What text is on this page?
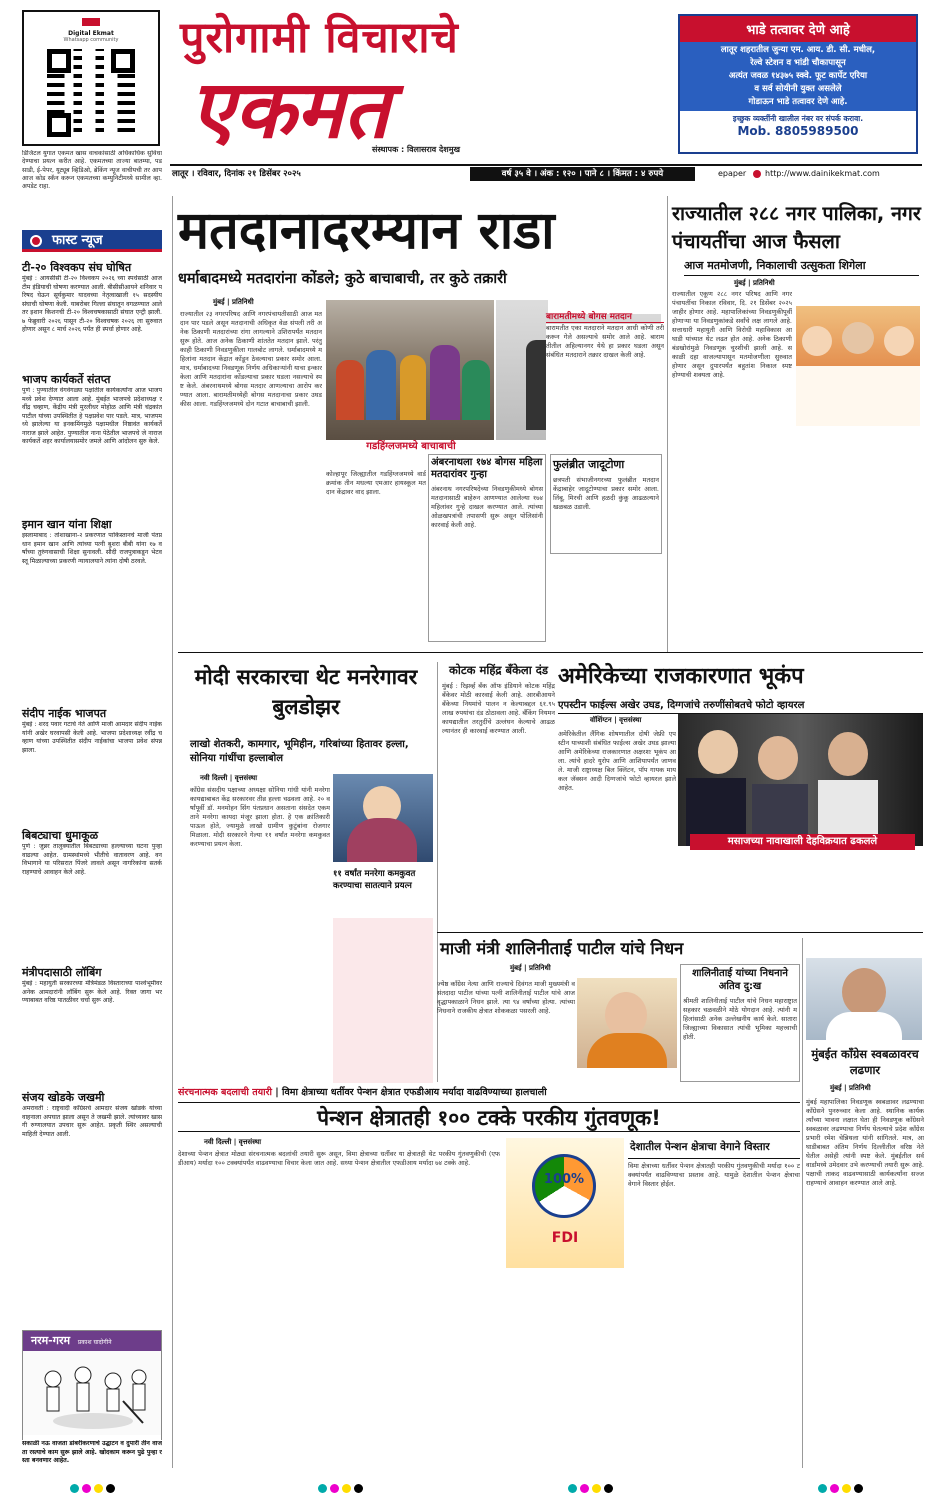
Digital Ekmat
Whatsapp community
डिजिटल युगात एकमत खास वाचकांसाठी अधिकाधिक सुविधा देण्याचा प्रयत्न करीत आहे. एकमतच्या ताज्या बातम्या, पडसाडी, ई-पेपर, यूट्यूब व्हिडिओ, ब्रेकिंग न्यूज वाचीयची तर आप आज कोड स्कॅन करून एकमतच्या कम्युनिटीमध्ये सामील व्हा. अपडेट राहा.
पुरोगामी विचाराचे
एकमत
संस्थापक : विलासराव देशमुख
भाडे तत्वावर देणे आहे
लातूर शहरातील जुन्या एम. आय. डी. सी. मधील,
रेल्वे स्टेशन व भांडी चौकापासून
अत्यंत जवळ १४३७५ स्क्वे. फूट कार्पेट एरिया
व सर्व सोयीनी युक्त असलेले
गोडाऊन भाडे तत्वावर देणे आहे.
इच्छुक व्यक्तींनी खालील नंबर वर संपर्क करावा.
Mob. 8805989500
लातूर । रविवार, दिनांक २१ डिसेंबर २०२५	वर्ष ३५ वे । अंक : १२० । पाने ८ । किंमत : ४ रुपये	epaper http://www.dainikekmat.com
फास्ट न्यूज
टी-२० विश्वकप संघ घोषित
मुंबई : आयसीसी टी-२० विश्वकप २०२६ च्या स्पर्धेसाठी आज टीम इंडियाची घोषणा करण्यात आली. बीसीसीआयने शनिवार परिषद घेऊन सूर्यकुमार यादवच्या नेतृत्वाखाली १५ सदस्यीय संघाची घोषणा केली. याबरोबर गिल्ला संघातून वगळण्यात आले तर इशान किशनची टी-२० विश्वचषकासाठी संघात एन्ट्री झाली. ७ फेब्रुवारी २०२६ पासून टी-२० विश्वचषक २०२६ ला सुरुवात होणार असून ८ मार्च २०२६ पर्यंत ही स्पर्धा होणार आहे.
भाजप कार्यकर्ते संतप्त
पुणे : पुण्यातील वेगवेगळ्या पक्षांतील कार्यकर्त्यांना आज भाजपमध्ये प्रवेश देण्यात आला आहे. मुंबईत भाजपचे प्रदेशाध्यक्ष रवींद्र चव्हाण, केंद्रीय मंत्री मुरलीधर मोहोळ आणि मंत्री चंद्रकांत पाटील यांच्या उपस्थितीत हे पक्षप्रवेश पार पडले. मात्र, भाजपमध्ये झालेल्या या इनकमिंगमुळे पक्षामधील निष्ठावंत कार्यकर्ते नाराज झाले आहेत. पुण्यातील नाना पेठेतील भाजपचे जे नाराज कार्यकर्ते शहर कार्यालयासमोर जमले आणि आंदोलन सुरु केले.
इमान खान यांना शिक्षा
इस्लामाबाद : तोशाखाना-२ प्रकरणात पाकिस्तानचे माजी पंतप्रधान इमान खान आणि त्यांच्या पत्नी बुशरा बीबी यांना १७ वर्षांच्या तुरुंगवासाची शिक्षा सुनावली. सौदी राजपुत्राकडून भेटवस्तू मिळाल्याच्या प्रकरणी न्यायालयाने त्यांना दोषी ठरवले.
संदीप नाईक भाजपत
मुंबई : शरद पवार गटाचे नेते आणि माजी आमदार संदीप नाईक यांनी अखेर घरवापसी केली आहे. भाजपा प्रदेशाध्यक्ष रवींद्र चव्हाण यांच्या उपस्थितीत संदीप नाईकांचा भाजपा प्रवेश संपन्न झाला.
बिबट्याचा धुमाकूळ
पुणे : जुन्नर तालुक्यातील बिबट्याच्या हल्ल्याच्या घटना पुन्हा वाढल्या आहेत. ग्रामस्थांमध्ये भीतीचे वातावरण आहे. वन विभागाने या परिसरात पिंजरे लावले असून नागरिकांना सतर्क राहण्याचे आवाहन केले आहे.
मंत्रीपदासाठी लॉबिंग
मुंबई : महायुती सरकारच्या मंत्रिमंडळ विस्ताराच्या पार्श्वभूमीवर अनेक आमदारांनी लॉबिंग सुरू केले आहे. रिक्त जागा भरण्याबाबत वरिष्ठ पातळीवर चर्चा सुरू आहे.
संजय खोडके जखमी
अमरावती : राष्ट्रवादी काँग्रेसचे आमदार संजय खोडके यांच्या वाहनाला अपघात झाला असून ते जखमी झाले. त्यांच्यावर खासगी रुग्णालयात उपचार सुरू आहेत. प्रकृती स्थिर असल्याची माहिती देण्यात आली.
नरम-गरम प्रकाश घादोगीने
सकाळी नऊ वाजता डांबरीकरणाचे उद्घाटन व दुपारी तीन वाजता रस्त्याचे काम सुरू झाले आहे. खोदकाम करून पुढे पुन्हा रस्ता बनवणार आहेत.
मतदानादरम्यान राडा
धर्माबादमध्ये मतदारांना कोंडले; कुठे बाचाबाची, तर कुठे तक्रारी
मुंबई | प्रतिनिधी
राज्यातील २३ नगरपरिषद आणि नगरपंचायतीसाठी आज मतदान पार पडले असून मतदानाची अधिकृत वेळ संपली तरी अनेक ठिकाणी मतदारांच्या रांगा लागल्याने उशिरापर्यंत मतदान सुरू होते. आज अनेक ठिकाणी शांततेत मतदान झाले. परंतु काही ठिकाणी निवडणुकीला गालबोट लागले. धर्माबादमध्ये महिलांना मतदान केंद्रात कोंडून ठेवल्याचा प्रकार समोर आला. मात्र, धर्माबादच्या निवडणूक निर्णय अधिकाऱ्यांनी याचा इन्कार केला आणि मतदारांना कोंडल्याचा प्रकार घडला नसल्याचे स्पष्ट केले. अंबरनाथमध्ये बोगस मतदार आणल्याचा आरोप करण्यात आला. बारामतीमध्येही बोगस मतदानाचा प्रकार उघडकीस आला. गडहिंग्लजमध्ये दोन गटात बाचाबाची झाली.
गडहिंग्लजमध्ये बाचाबाची
कोल्हापूर जिल्ह्यातील गडहिंग्लजमध्ये वार्ड क्रमांक तीन मधल्या एमआर हायस्कूल मतदान केंद्रावर वाद झाला.
बारामतीमध्ये बोगस मतदान
बारामतीत एका मतदाराने मतदान आधी कोणी तरी करून गेले असल्याचे समोर आले आहे. बारामतीतील अहिल्यानगर येथे हा प्रकार घडला असून संबंधित मतदाराने तक्रार दाखल केली आहे.
अंबरनाथला १७४ बोगस महिला मतदारांवर गुन्हा
अंबरनाथ नगरपरिषदेच्या निवडणुकीमध्ये बोगस मतदानासाठी बाहेरुन आणण्यात आलेल्या १७४ महिलांवर गुन्हे दाखल करण्यात आले. त्यांच्या ओळखपत्रांची तपासणी सुरू असून पोलिसांनी कारवाई केली आहे.
फुलंब्रीत जादूटोणा
छत्रपती संभाजीनगरच्या फुलंब्रीत मतदान केंद्राबाहेर जादूटोण्याचा प्रकार समोर आला. लिंबू, मिरची आणि हळदी कुंकू आढळल्याने खळबळ उडाली.
राज्यातील २८८ नगर पालिका, नगर पंचायतींचा आज फैसला
आज मतमोजणी, निकालाची उत्सुकता शिगेला
मुंबई | प्रतिनिधी
राज्यातील एकूण २८८ नगर परिषद आणि नगरपंचायतींचा निकाल रविवार, दि. २१ डिसेंबर २०२५ जाहीर होणार आहे. महापालिकांच्या निवडणुकीपूर्वी होणाऱ्या या निवडणुकांकडे सर्वांचे लक्ष लागले आहे. सत्ताधारी महायुती आणि विरोधी महाविकास आघाडी यांच्यात थेट लढत होत आहे. अनेक ठिकाणी बंडखोरांमुळे निवडणूक चुरशीची झाली आहे. सकाळी दहा वाजल्यापासून मतमोजणीला सुरुवात होणार असून दुपारपर्यंत बहुतांश निकाल स्पष्ट होण्याची शक्यता आहे.
मोदी सरकारचा थेट मनरेगावर बुलडोझर
लाखो शेतकरी, कामगार, भूमिहीन, गरिबांच्या हितावर हल्ला, सोनिया गांधींचा हल्लाबोल
नवी दिल्ली | वृत्तसंस्था
काँग्रेस संसदीय पक्षाच्या अध्यक्षा सोनिया गांधी यांनी मनरेगा कायद्याबाबत केंद्र सरकारवर तीव्र हल्ला चढवला आहे. २० वर्षांपूर्वी डॉ. मनमोहन सिंग पंतप्रधान असताना संसदेत एकमताने मनरेगा कायदा मंजूर झाला होता. हे एक क्रांतिकारी पाऊल होते, ज्यामुळे लाखो ग्रामीण कुटुंबांना रोजगार मिळाला. मोदी सरकारने गेल्या ११ वर्षांत मनरेगा कमकुवत करण्याचा प्रयत्न केला.
११ वर्षांत मनरेगा कमकुवत करण्याचा सातत्याने प्रयत्न
कोटक महिंद्र बँकेला दंड
मुंबई : रिझर्व्ह बँक ऑफ इंडियाने कोटक महिंद्र बँकेवर मोठी कारवाई केली आहे. आरबीआयने बँकेच्या नियमांचे पालन न केल्याबद्दल ६१.९५ लाख रुपयांचा दंड ठोठावला आहे. बँकिंग नियमन कायद्यातील तरतुदींचे उल्लंघन केल्याचे आढळल्यानंतर ही कारवाई करण्यात आली.
अमेरिकेच्या राजकारणात भूकंप
एपस्टीन फाईल्स अखेर उघड, दिग्गजांचे तरुणींसोबतचे फोटो व्हायरल
वॉशिंग्टन | वृत्तसंस्था
अमेरिकेतील लैंगिक शोषणातील दोषी जेफ्री एपस्टीन याच्याशी संबंधित फाईल्स अखेर उघड झाल्या आणि अमेरिकेच्या राजकारणात अक्षरशः भूकंप आला. त्यांचे हादरे युरोप आणि आशियापर्यंत जाणवले. माजी राष्ट्राध्यक्ष बिल क्लिंटन, पॉप गायक मायकल जॅक्सन आदी दिग्गजांचे फोटो व्हायरल झाले आहेत.
मसाजच्या नावाखाली देहविक्रयात ढकलले
माजी मंत्री शालिनीताई पाटील यांचे निधन
मुंबई | प्रतिनिधी
ज्येष्ठ काँग्रेस नेत्या आणि राज्याचे दिवंगत माजी मुख्यमंत्री वसंतदादा पाटील यांच्या पत्नी शालिनीताई पाटील यांचे आज वृद्धापकाळाने निधन झाले. त्या ९४ वर्षांच्या होत्या. त्यांच्या निधनाने राजकीय क्षेत्रात शोककळा पसरली आहे.
शालिनीताई यांच्या निधनाने अतिव दु:ख
श्रीमती शालिनीताई पाटील यांचे निधन महाराष्ट्रात सहकार चळवळीने मोठे योगदान आहे. त्यांनी महिलांसाठी अनेक उल्लेखनीय कार्य केले. सातारा जिल्ह्याच्या विकासात त्यांची भूमिका महत्त्वाची होती.
मुंबईत काँग्रेस स्वबळावरच लढणार
मुंबई | प्रतिनिधी
मुंबई महापालिका निवडणूक स्वबळावर लढण्याचा काँग्रेसने पुनरुच्चार केला आहे. स्थानिक कार्यकर्त्यांच्या भावना लक्षात घेता ही निवडणूक काँग्रेसने स्वबळावर लढण्याचा निर्णय घेतल्याचे प्रदेश काँग्रेस प्रभारी रमेश चेन्निथला यांनी सांगितले. मात्र, आघाडीबाबत अंतिम निर्णय दिल्लीतील वरिष्ठ नेते घेतील असेही त्यांनी स्पष्ट केले. मुंबईतील सर्व वार्डांमध्ये उमेदवार उभे करण्याची तयारी सुरू आहे. पक्षाची ताकद वाढवण्यासाठी कार्यकर्त्यांना सज्ज राहण्याचे आवाहन करण्यात आले आहे.
संरचनात्मक बदलाची तयारी | विमा क्षेत्राच्या धर्तीवर पेन्शन क्षेत्रात एफडीआय मर्यादा वाढविण्याच्या हालचाली
पेन्शन क्षेत्रातही १०० टक्के परकीय गुंतवणूक!
नवी दिल्ली | वृत्तसंस्था
देशाच्या पेन्शन क्षेत्रात मोठ्या संरचनात्मक बदलांची तयारी सुरू असून, विमा क्षेत्राच्या धर्तीवर या क्षेत्रातही थेट परकीय गुंतवणुकीची (एफडीआय) मर्यादा १०० टक्क्यांपर्यंत वाढवण्याचा विचार केला जात आहे. सध्या पेन्शन क्षेत्रातील एफडीआय मर्यादा ७४ टक्के आहे.
100%
FDI
देशातील पेन्शन क्षेत्राचा वेगाने विस्तार
विमा क्षेत्राच्या धर्तीवर पेन्शन क्षेत्रातही परकीय गुंतवणुकीची मर्यादा १०० टक्क्यांपर्यंत वाढविण्याचा प्रस्ताव आहे. यामुळे देशातील पेन्शन क्षेत्राचा वेगाने विस्तार होईल.
